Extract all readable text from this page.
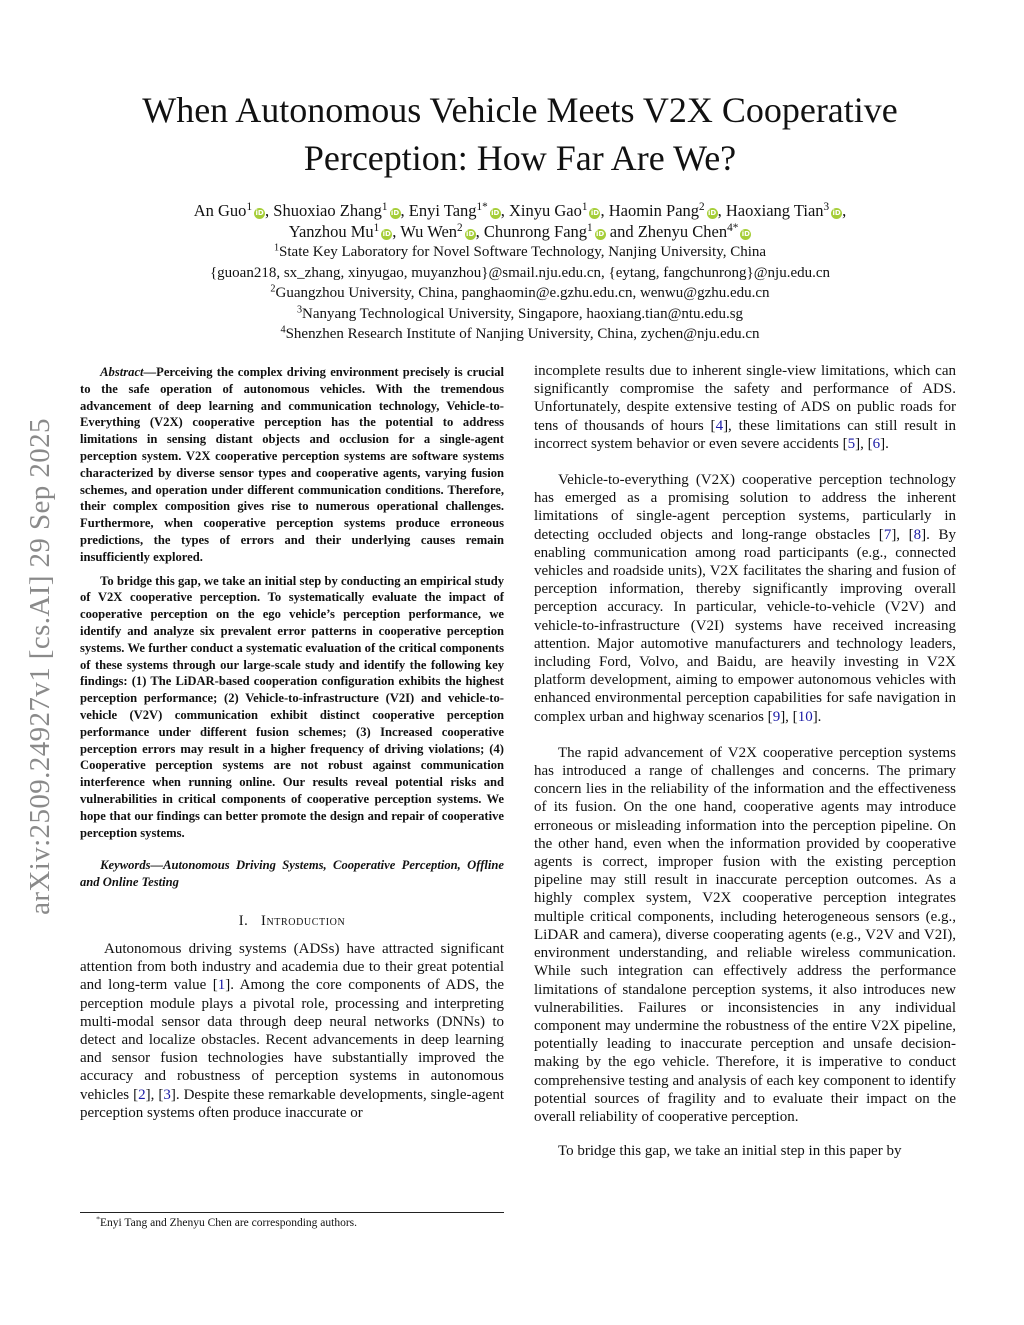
arXiv:2509.24927v1 [cs.AI] 29 Sep 2025
When Autonomous Vehicle Meets V2X Cooperative
Perception: How Far Are We?

An Guo$^1$iD, Shuoxiao Zhang$^1$iD, Enyi Tang$^{1*}$iD, Xinyu Gao$^1$iD, Haomin Pang$^2$iD, Haoxiang Tian$^3$iD,

Yanzhou Mu$^1$iD, Wu Wen$^2$iD, Chunrong Fang$^1$iD and Zhenyu Chen$^{4*}$iD

$^1$State Key Laboratory for Novel Software Technology, Nanjing University, China

{guoan218, sx_zhang, xinyugao, muyanzhou}@smail.nju.edu.cn, {eytang, fangchunrong}@nju.edu.cn

$^2$Guangzhou University, China, panghaomin@e.gzhu.edu.cn, wenwu@gzhu.edu.cn

$^3$Nanyang Technological University, Singapore, haoxiang.tian@ntu.edu.sg

$^4$Shenzhen Research Institute of Nanjing University, China, zychen@nju.edu.cn

Abstract—Perceiving the complex driving environment precisely is crucial to the safe operation of autonomous vehicles. With the tremendous advancement of deep learning and communication technology, Vehicle-to-Everything (V2X) cooperative perception has the potential to address limitations in sensing distant objects and occlusion for a single-agent perception system. V2X cooperative perception systems are software systems characterized by diverse sensor types and cooperative agents, varying fusion schemes, and operation under different communication conditions. Therefore, their complex composition gives rise to numerous operational challenges. Furthermore, when cooperative perception systems produce erroneous predictions, the types of errors and their underlying causes remain insufficiently explored.

To bridge this gap, we take an initial step by conducting an empirical study of V2X cooperative perception. To systematically evaluate the impact of cooperative perception on the ego vehicle’s perception performance, we identify and analyze six prevalent error patterns in cooperative perception systems. We further conduct a systematic evaluation of the critical components of these systems through our large-scale study and identify the following key findings: (1) The LiDAR-based cooperation configuration exhibits the highest perception performance; (2) Vehicle-to-infrastructure (V2I) and vehicle-to-vehicle (V2V) communication exhibit distinct cooperative perception performance under different fusion schemes; (3) Increased cooperative perception errors may result in a higher frequency of driving violations; (4) Cooperative perception systems are not robust against communication interference when running online. Our results reveal potential risks and vulnerabilities in critical components of cooperative perception systems. We hope that our findings can better promote the design and repair of cooperative perception systems.

Keywords—Autonomous Driving Systems, Cooperative Perception, Offline and Online Testing

I. Introduction

Autonomous driving systems (ADSs) have attracted significant attention from both industry and academia due to their great potential and long-term value [1]. Among the core components of ADS, the perception module plays a pivotal role, processing and interpreting multi-modal sensor data through deep neural networks (DNNs) to detect and localize obstacles. Recent advancements in deep learning and sensor fusion technologies have substantially improved the accuracy and robustness of perception systems in autonomous vehicles [2], [3]. Despite these remarkable developments, single-agent perception systems often produce inaccurate or

incomplete results due to inherent single-view limitations, which can significantly compromise the safety and performance of ADS. Unfortunately, despite extensive testing of ADS on public roads for tens of thousands of hours [4], these limitations can still result in incorrect system behavior or even severe accidents [5], [6].

Vehicle-to-everything (V2X) cooperative perception technology has emerged as a promising solution to address the inherent limitations of single-agent perception systems, particularly in detecting occluded objects and long-range obstacles [7], [8]. By enabling communication among road participants (e.g., connected vehicles and roadside units), V2X facilitates the sharing and fusion of perception information, thereby significantly improving overall perception accuracy. In particular, vehicle-to-vehicle (V2V) and vehicle-to-infrastructure (V2I) systems have received increasing attention. Major automotive manufacturers and technology leaders, including Ford, Volvo, and Baidu, are heavily investing in V2X platform development, aiming to empower autonomous vehicles with enhanced environmental perception capabilities for safe navigation in complex urban and highway scenarios [9], [10].

The rapid advancement of V2X cooperative perception systems has introduced a range of challenges and concerns. The primary concern lies in the reliability of the information and the effectiveness of its fusion. On the one hand, cooperative agents may introduce erroneous or misleading information into the perception pipeline. On the other hand, even when the information provided by cooperative agents is correct, improper fusion with the existing perception pipeline may still result in inaccurate perception outcomes. As a highly complex system, V2X cooperative perception integrates multiple critical components, including heterogeneous sensors (e.g., LiDAR and camera), diverse cooperating agents (e.g., V2V and V2I), environment understanding, and reliable wireless communication. While such integration can effectively address the performance limitations of standalone perception systems, it also introduces new vulnerabilities. Failures or inconsistencies in any individual component may undermine the robustness of the entire V2X pipeline, potentially leading to inaccurate perception and unsafe decision-making by the ego vehicle. Therefore, it is imperative to conduct comprehensive testing and analysis of each key component to identify potential sources of fragility and to evaluate their impact on the overall reliability of cooperative perception.

To bridge this gap, we take an initial step in this paper by

*Enyi Tang and Zhenyu Chen are corresponding authors.
